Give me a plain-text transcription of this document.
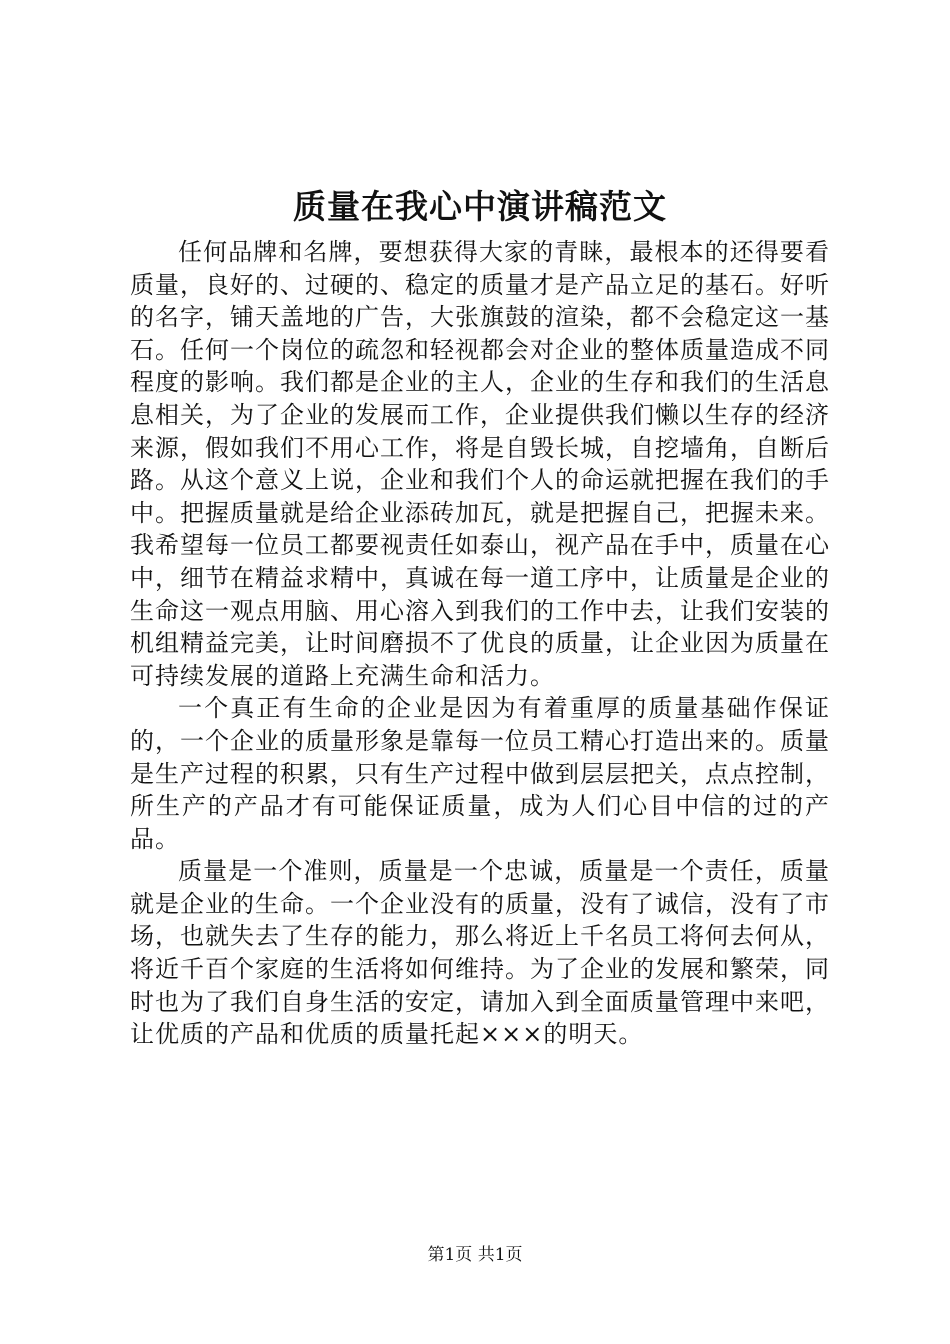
质量在我心中演讲稿范文

任何品牌和名牌，要想获得大家的青睐，最根本的还得要看质量，良好的、过硬的、稳定的质量才是产品立足的基石。好听的名字，铺天盖地的广告，大张旗鼓的渲染，都不会稳定这一基石。任何一个岗位的疏忽和轻视都会对企业的整体质量造成不同程度的影响。我们都是企业的主人，企业的生存和我们的生活息息相关，为了企业的发展而工作，企业提供我们懒以生存的经济来源，假如我们不用心工作，将是自毁长城，自挖墙角，自断后路。从这个意义上说，企业和我们个人的命运就把握在我们的手中。把握质量就是给企业添砖加瓦，就是把握自己，把握未来。我希望每一位员工都要视责任如泰山，视产品在手中，质量在心中，细节在精益求精中，真诚在每一道工序中，让质量是企业的生命这一观点用脑、用心溶入到我们的工作中去，让我们安装的机组精益完美，让时间磨损不了优良的质量，让企业因为质量在可持续发展的道路上充满生命和活力。

一个真正有生命的企业是因为有着重厚的质量基础作保证的，一个企业的质量形象是靠每一位员工精心打造出来的。质量是生产过程的积累，只有生产过程中做到层层把关，点点控制，所生产的产品才有可能保证质量，成为人们心目中信的过的产品。

质量是一个准则，质量是一个忠诚，质量是一个责任，质量就是企业的生命。一个企业没有的质量，没有了诚信，没有了市场，也就失去了生存的能力，那么将近上千名员工将何去何从，将近千百个家庭的生活将如何维持。为了企业的发展和繁荣，同时也为了我们自身生活的安定，请加入到全面质量管理中来吧，让优质的产品和优质的质量托起×××的明天。

第1页 共1页
